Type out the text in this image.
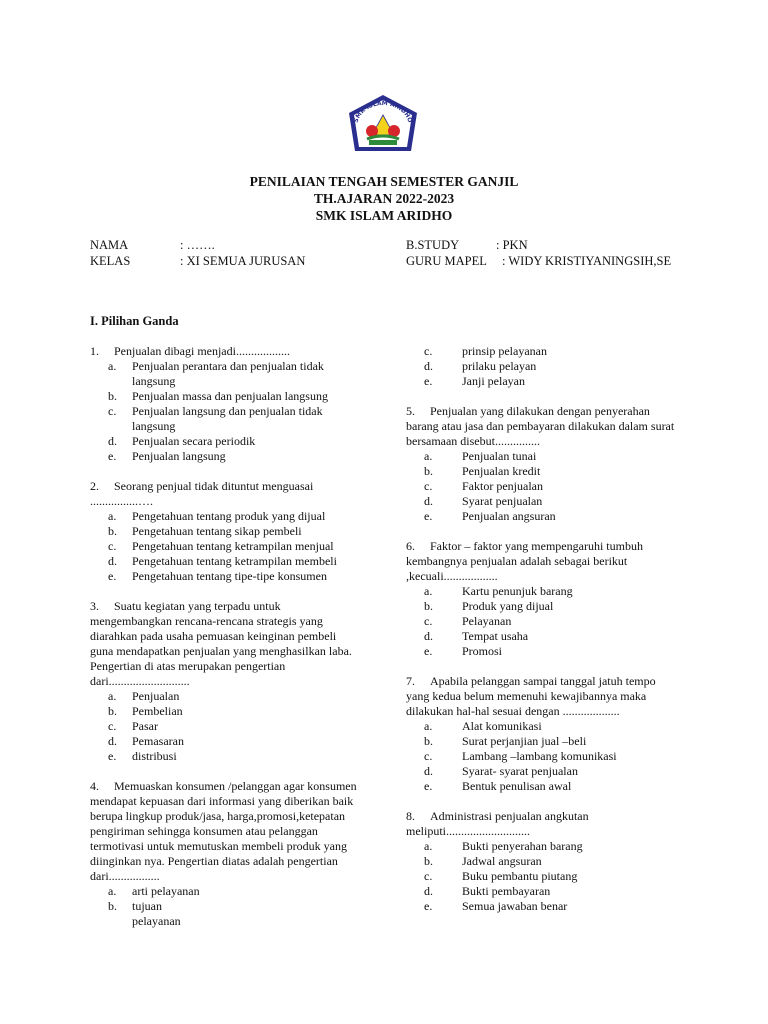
SMK ISLAM ARIDHO
PENILAIAN TENGAH SEMESTER GANJIL
TH.AJARAN 2022-2023
SMK ISLAM ARIDHO
NAMA	: …….
KELAS	: XI SEMUA JURUSAN
B.STUDY	: PKN
GURU MAPEL : WIDY KRISTIYANINGSIH,SE
I. Pilihan Ganda
1. Penjualan dibagi menjadi..................
a.	Penjualan perantara dan penjualan tidak langsung
b.	Penjualan massa dan penjualan langsung
c.	Penjualan langsung dan penjualan tidak langsung
d.	Penjualan secara periodik
e.	Penjualan langsung
2. Seorang penjual tidak dituntut menguasai ................….
a.	Pengetahuan tentang produk yang dijual
b.	Pengetahuan tentang sikap pembeli
c.	Pengetahuan tentang ketrampilan menjual
d.	Pengetahuan tentang ketrampilan membeli
e.	Pengetahuan tentang tipe-tipe konsumen
3. Suatu kegiatan yang terpadu untuk mengembangkan rencana-rencana strategis yang diarahkan pada usaha pemuasan keinginan pembeli guna mendapatkan penjualan yang menghasilkan laba. Pengertian di atas merupakan pengertian dari...........................
a.	Penjualan
b.	Pembelian
c.	Pasar
d.	Pemasaran
e.	distribusi
4. Memuaskan konsumen /pelanggan agar konsumen mendapat kepuasan dari informasi yang diberikan baik berupa lingkup produk/jasa, harga,promosi,ketepatan pengiriman sehingga konsumen atau pelanggan termotivasi untuk memutuskan membeli produk yang diinginkan nya. Pengertian diatas adalah pengertian dari.................
a.	arti pelayanan
b.	tujuan pelayanan
c.	prinsip pelayanan
d.	prilaku pelayan
e.	Janji pelayan
5. Penjualan yang dilakukan dengan penyerahan barang atau jasa dan pembayaran dilakukan dalam surat bersamaan disebut...............
a.	Penjualan tunai
b.	Penjualan kredit
c.	Faktor penjualan
d.	Syarat penjualan
e.	Penjualan angsuran
6. Faktor – faktor yang mempengaruhi tumbuh kembangnya penjualan adalah sebagai berikut ,kecuali..................
a.	Kartu penunjuk barang
b.	Produk yang dijual
c.	Pelayanan
d.	Tempat usaha
e.	Promosi
7. Apabila pelanggan sampai tanggal jatuh tempo yang kedua belum memenuhi kewajibannya maka dilakukan hal-hal sesuai dengan ...................
a.	Alat komunikasi
b.	Surat perjanjian jual –beli
c.	Lambang –lambang komunikasi
d.	Syarat- syarat penjualan
e.	Bentuk penulisan awal
8. Administrasi penjualan angkutan meliputi............................
a.	Bukti penyerahan barang
b.	Jadwal angsuran
c.	Buku pembantu piutang
d.	Bukti pembayaran
e.	Semua jawaban benar
